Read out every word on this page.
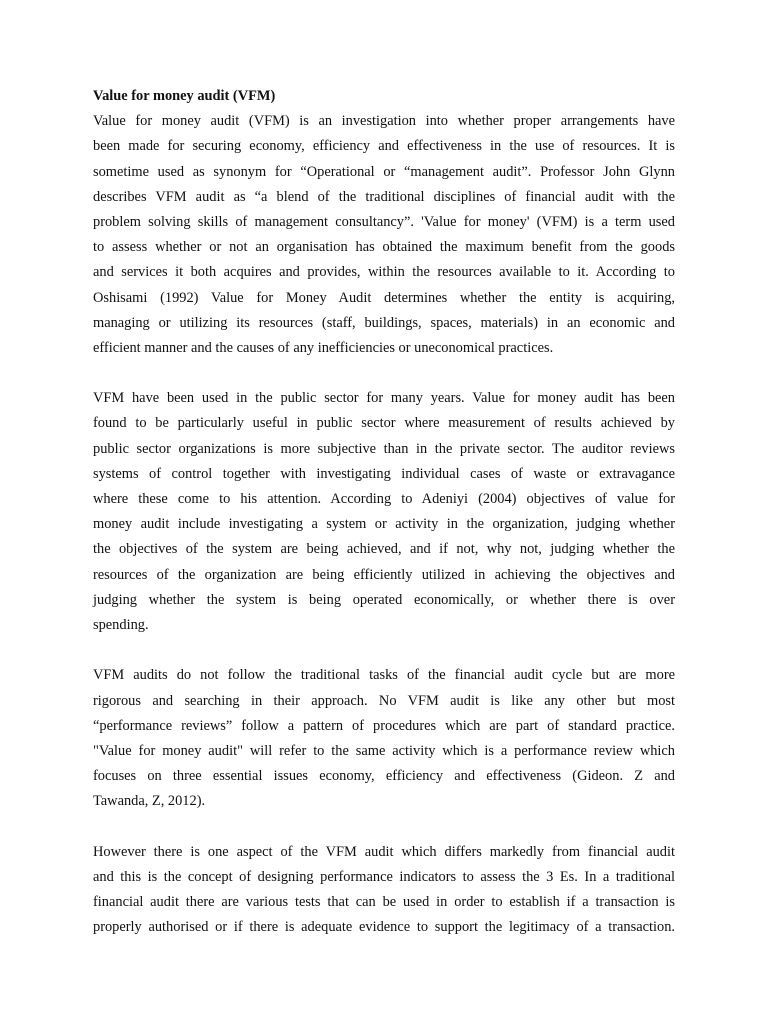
Value for money audit (VFM)
Value for money audit (VFM) is an investigation into whether proper arrangements have
been made for securing economy, efficiency and effectiveness in the use of resources. It is
sometime used as synonym for “Operational or “management audit”. Professor John Glynn
describes VFM audit as “a blend of the traditional disciplines of financial audit with the
problem solving skills of management consultancy”. 'Value for money' (VFM) is a term used
to assess whether or not an organisation has obtained the maximum benefit from the goods
and services it both acquires and provides, within the resources available to it. According to
Oshisami (1992) Value for Money Audit determines whether the entity is acquiring,
managing or utilizing its resources (staff, buildings, spaces, materials) in an economic and
efficient manner and the causes of any inefficiencies or uneconomical practices.
VFM have been used in the public sector for many years. Value for money audit has been
found to be particularly useful in public sector where measurement of results achieved by
public sector organizations is more subjective than in the private sector. The auditor reviews
systems of control together with investigating individual cases of waste or extravagance
where these come to his attention. According to Adeniyi (2004) objectives of value for
money audit include investigating a system or activity in the organization, judging whether
the objectives of the system are being achieved, and if not, why not, judging whether the
resources of the organization are being efficiently utilized in achieving the objectives and
judging whether the system is being operated economically, or whether there is over
spending.
VFM audits do not follow the traditional tasks of the financial audit cycle but are more
rigorous and searching in their approach. No VFM audit is like any other but most
“performance reviews” follow a pattern of procedures which are part of standard practice.
"Value for money audit" will refer to the same activity which is a performance review which
focuses on three essential issues economy, efficiency and effectiveness (Gideon. Z and
Tawanda, Z, 2012).
However there is one aspect of the VFM audit which differs markedly from financial audit
and this is the concept of designing performance indicators to assess the 3 Es. In a traditional
financial audit there are various tests that can be used in order to establish if a transaction is
properly authorised or if there is adequate evidence to support the legitimacy of a transaction.
